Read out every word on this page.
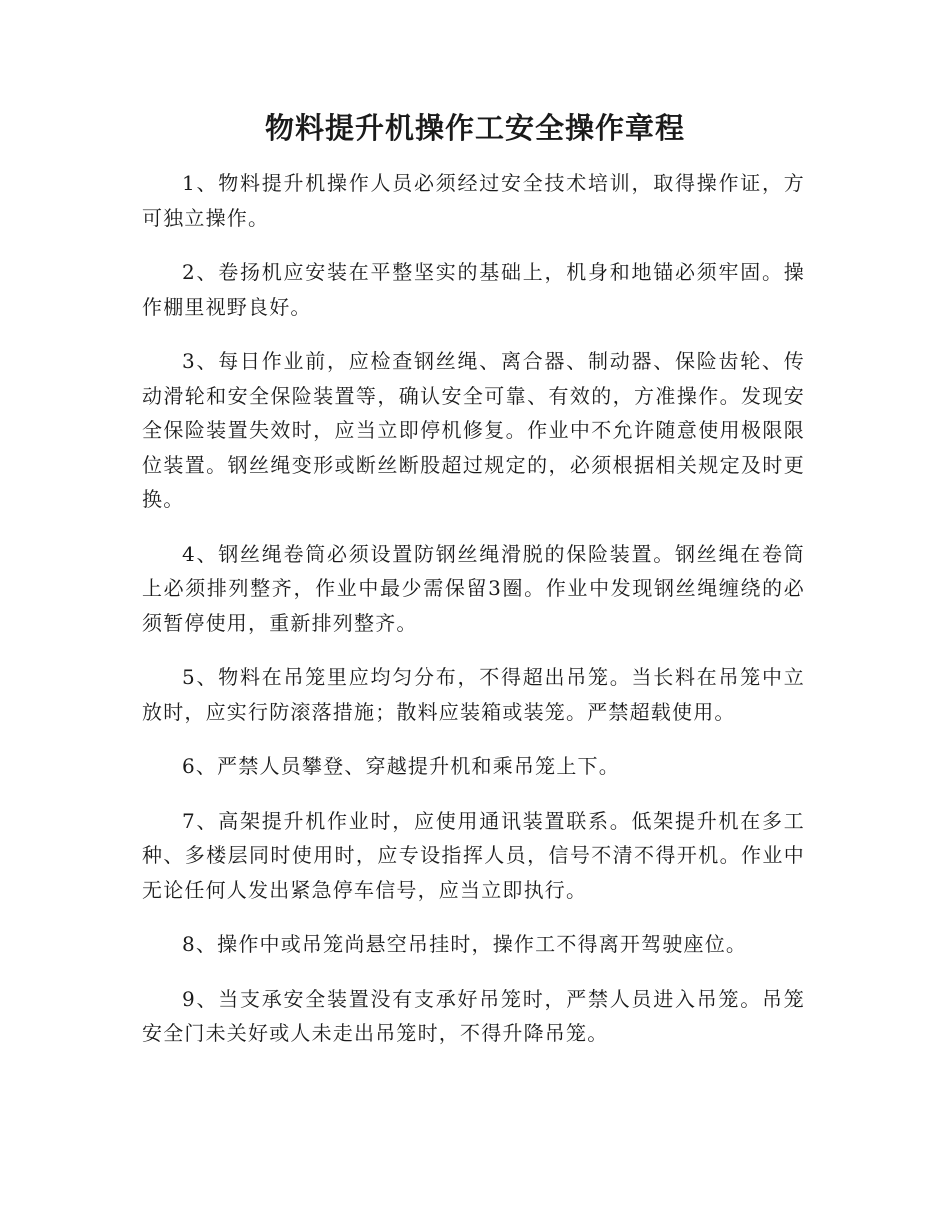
物料提升机操作工安全操作章程

1、物料提升机操作人员必须经过安全技术培训，取得操作证，方可独立操作。

2、卷扬机应安装在平整坚实的基础上，机身和地锚必须牢固。操作棚里视野良好。

3、每日作业前，应检查钢丝绳、离合器、制动器、保险齿轮、传动滑轮和安全保险装置等，确认安全可靠、有效的，方准操作。发现安全保险装置失效时，应当立即停机修复。作业中不允许随意使用极限限位装置。钢丝绳变形或断丝断股超过规定的，必须根据相关规定及时更换。

4、钢丝绳卷筒必须设置防钢丝绳滑脱的保险装置。钢丝绳在卷筒上必须排列整齐，作业中最少需保留3圈。作业中发现钢丝绳缠绕的必须暂停使用，重新排列整齐。

5、物料在吊笼里应均匀分布，不得超出吊笼。当长料在吊笼中立放时，应实行防滚落措施；散料应装箱或装笼。严禁超载使用。

6、严禁人员攀登、穿越提升机和乘吊笼上下。

7、高架提升机作业时，应使用通讯装置联系。低架提升机在多工种、多楼层同时使用时，应专设指挥人员，信号不清不得开机。作业中无论任何人发出紧急停车信号，应当立即执行。

8、操作中或吊笼尚悬空吊挂时，操作工不得离开驾驶座位。

9、当支承安全装置没有支承好吊笼时，严禁人员进入吊笼。吊笼安全门未关好或人未走出吊笼时，不得升降吊笼。
